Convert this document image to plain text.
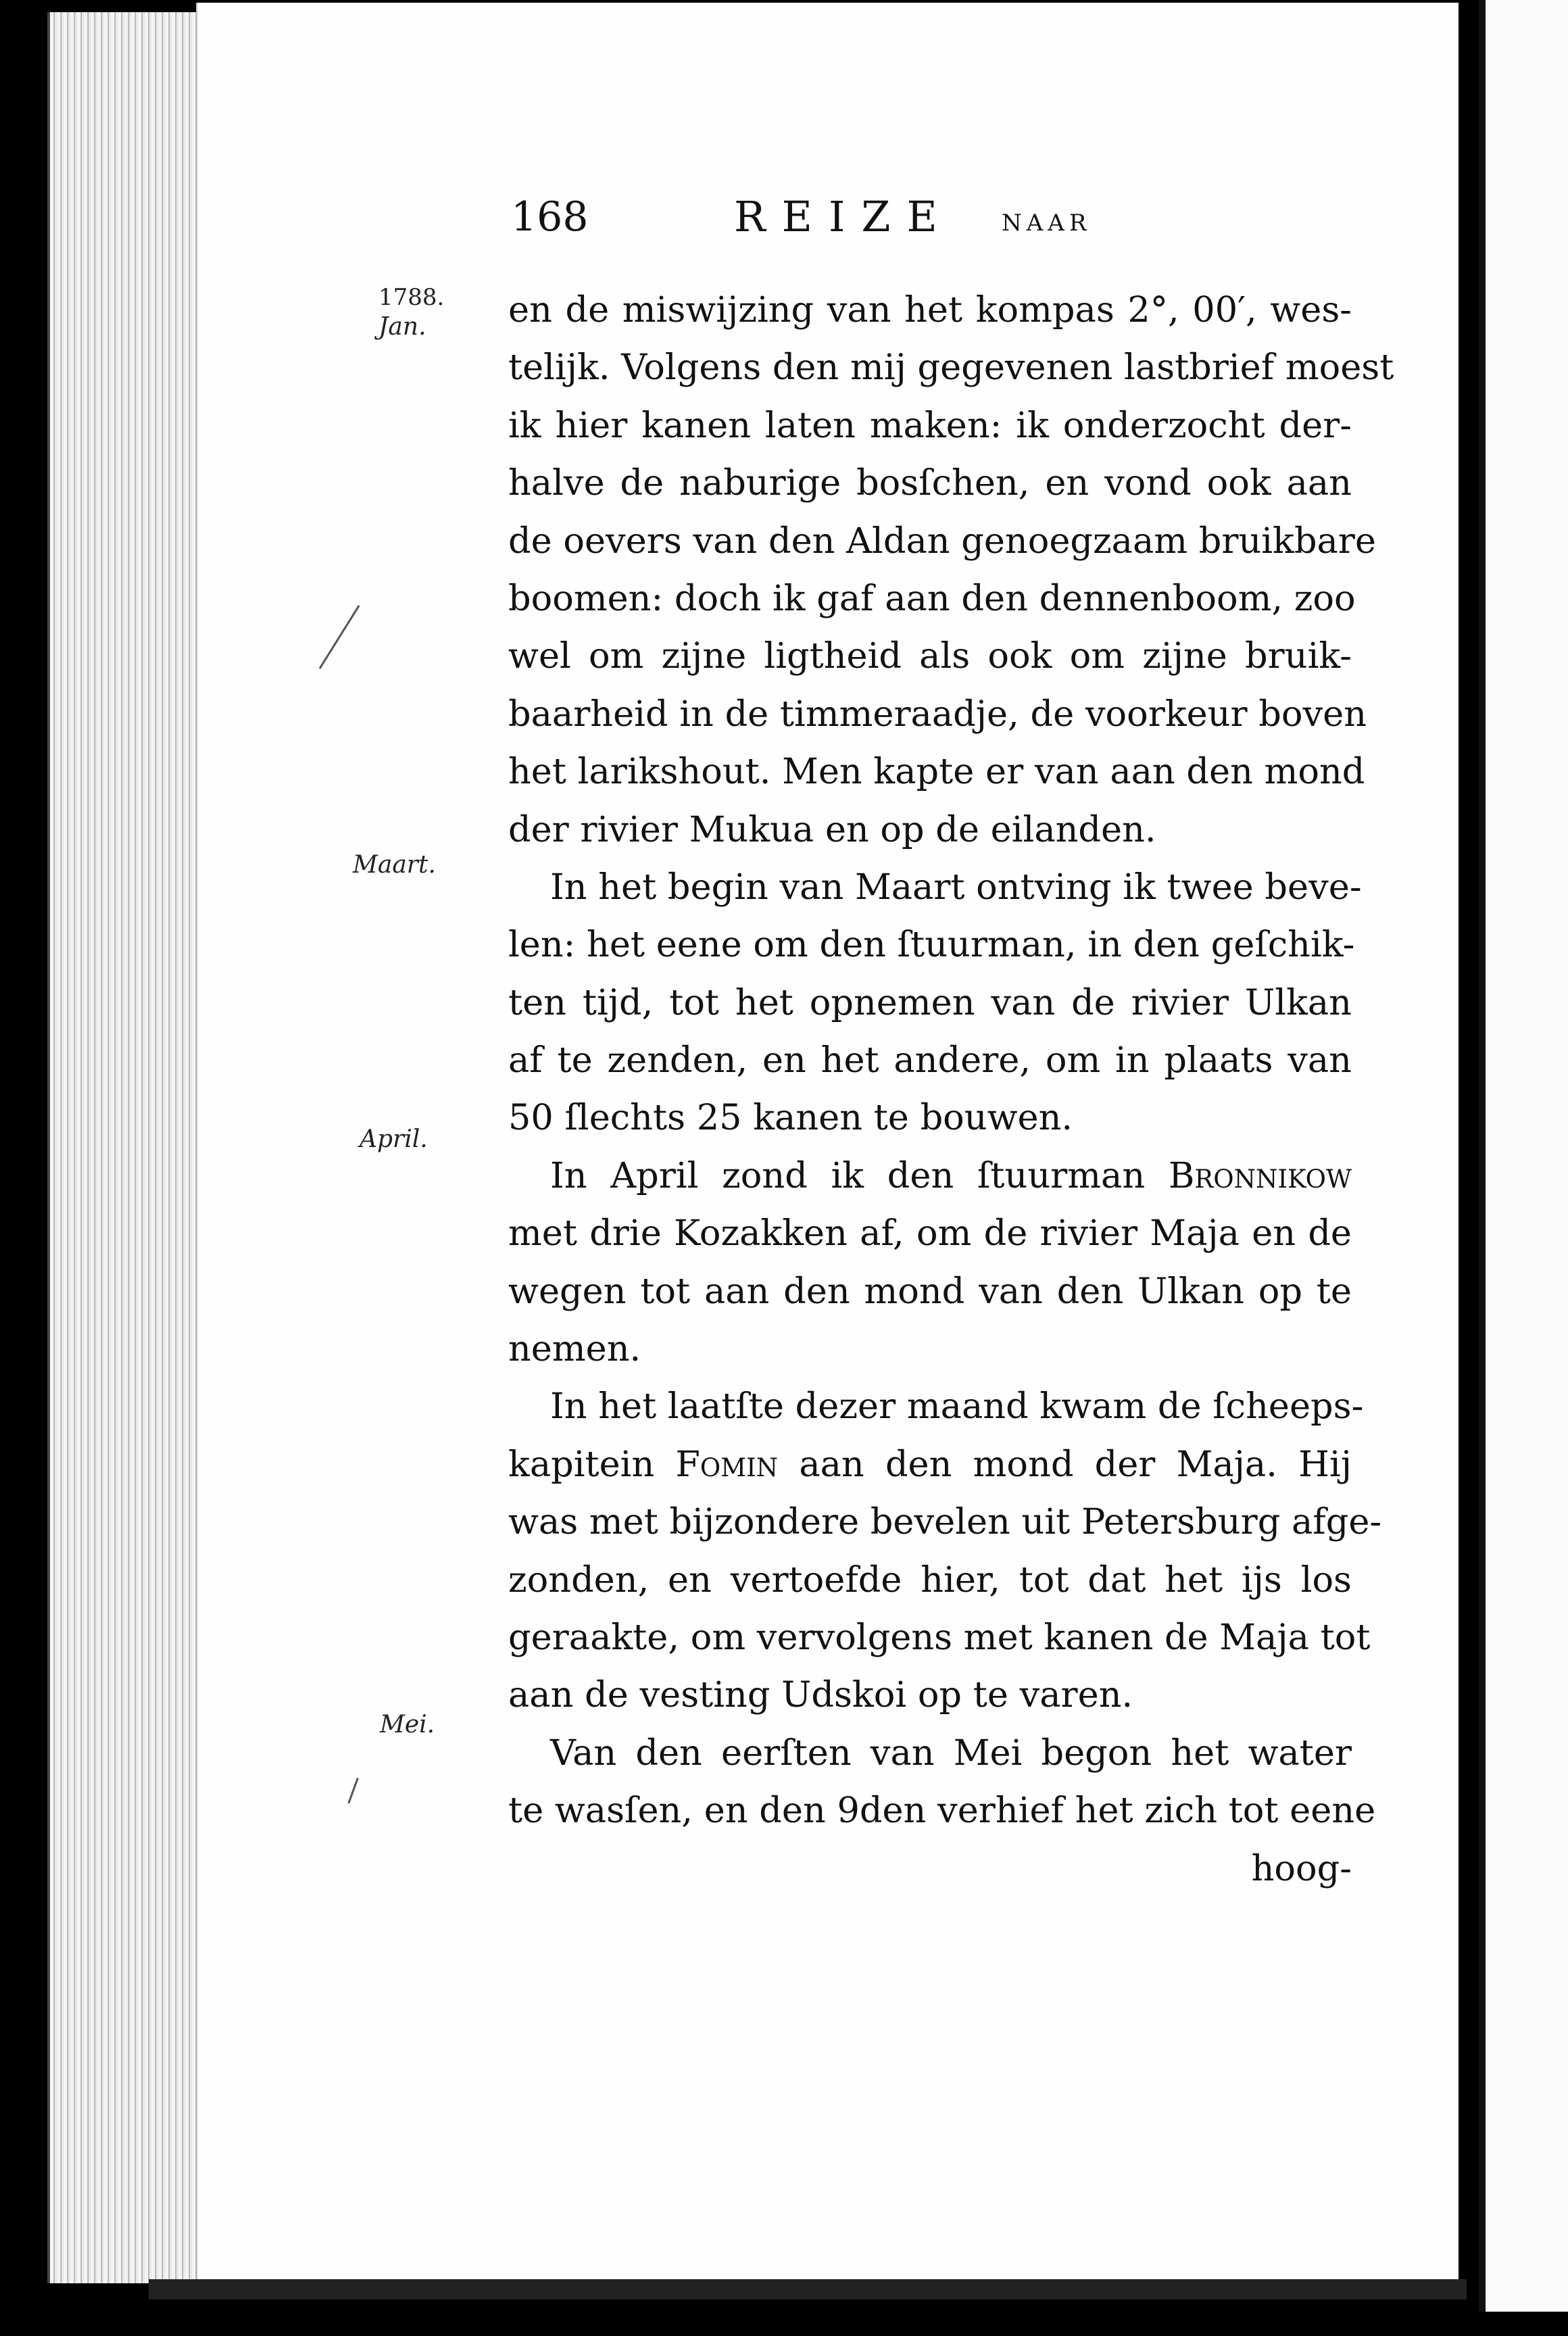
168	REIZE NAAR
1788.
Jan.
Maart.
April.
Mei.
en de miswijzing van het kompas 2°, 00′, wes-
telijk. Volgens den mij gegevenen lastbrief moest
ik hier kanen laten maken: ik onderzocht der-
halve de naburige bosſchen, en vond ook aan
de oevers van den Aldan genoegzaam bruikbare
boomen: doch ik gaf aan den dennenboom, zoo
wel om zijne ligtheid als ook om zijne bruik-
baarheid in de timmeraadje, de voorkeur boven
het larikshout. Men kapte er van aan den mond
der rivier Mukua en op de eilanden.
In het begin van Maart ontving ik twee beve-
len: het eene om den ſtuurman, in den geſchik-
ten tijd, tot het opnemen van de rivier Ulkan
af te zenden, en het andere, om in plaats van
50 ſlechts 25 kanen te bouwen.
In April zond ik den ſtuurman Bronnikow
met drie Kozakken af, om de rivier Maja en de
wegen tot aan den mond van den Ulkan op te
nemen.
In het laatſte dezer maand kwam de ſcheeps-
kapitein Fomin aan den mond der Maja. Hij
was met bijzondere bevelen uit Petersburg afge-
zonden, en vertoefde hier, tot dat het ijs los
geraakte, om vervolgens met kanen de Maja tot
aan de vesting Udskoi op te varen.
Van den eerſten van Mei begon het water
te wasſen, en den 9den verhief het zich tot eene
hoog-
